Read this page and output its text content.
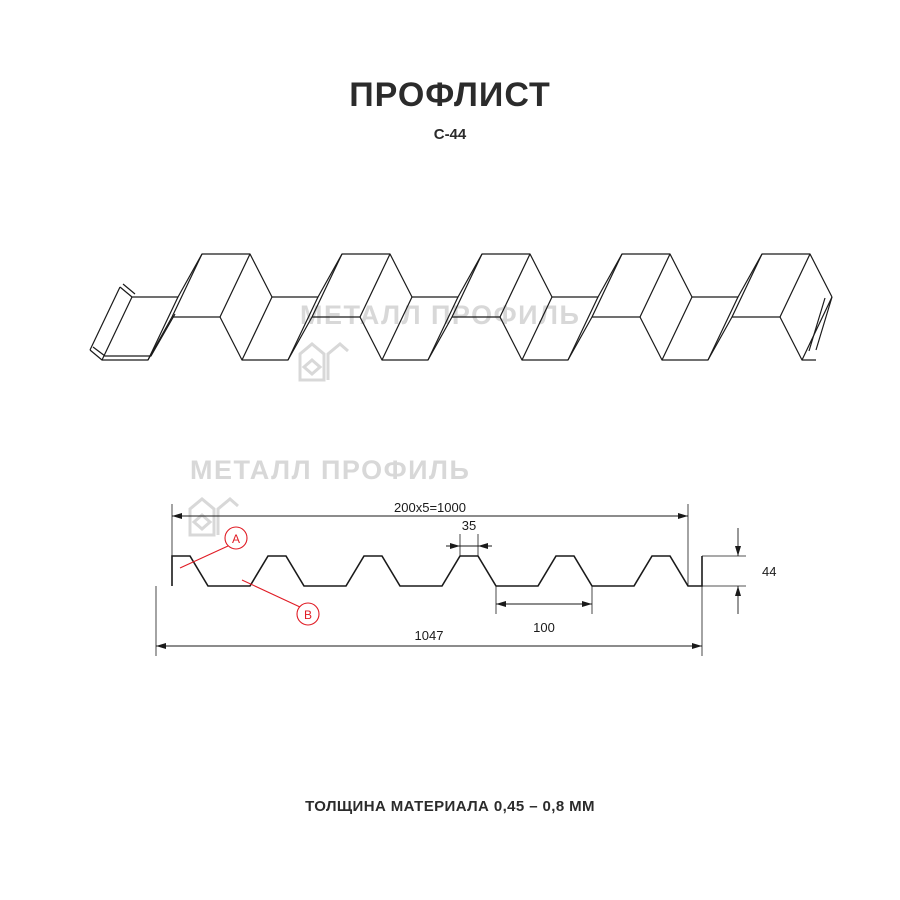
ПРОФЛИСТ
C-44
МЕТАЛЛ ПРОФИЛЬ
МЕТАЛЛ ПРОФИЛЬ
200x5=1000
35
100
1047
44
A
B
ТОЛЩИНА МАТЕРИАЛА 0,45 – 0,8 ММ
